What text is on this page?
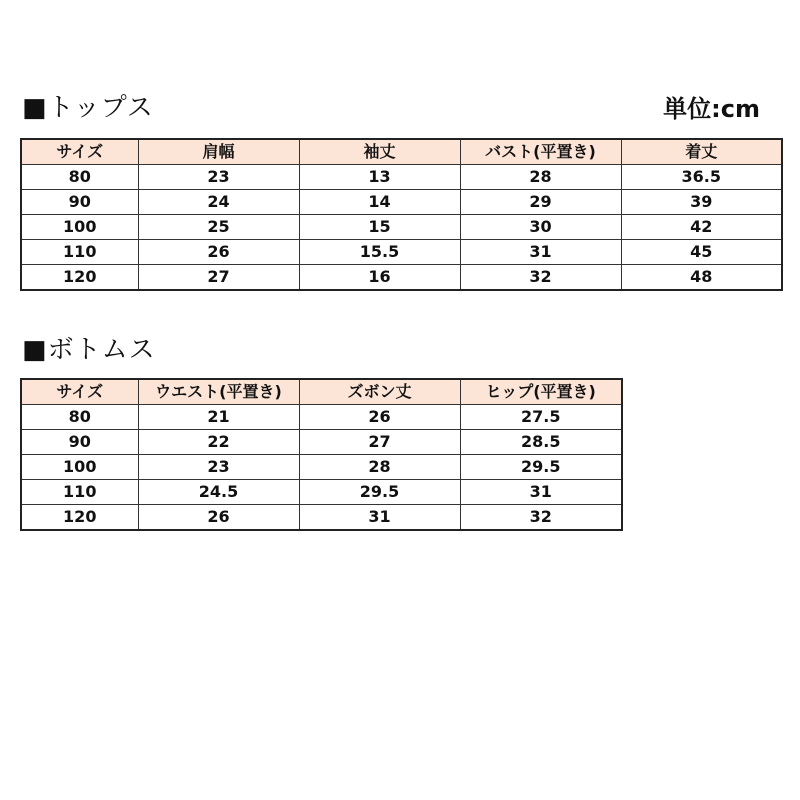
■トップス	単位:cm
サイズ	肩幅	袖丈	バスト(平置き)	着丈
80	23	13	28	36.5
90	24	14	29	39
100	25	15	30	42
110	26	15.5	31	45
120	27	16	32	48
■ボトムス
サイズ	ウエスト(平置き)	ズボン丈	ヒップ(平置き)
80	21	26	27.5
90	22	27	28.5
100	23	28	29.5
110	24.5	29.5	31
120	26	31	32
